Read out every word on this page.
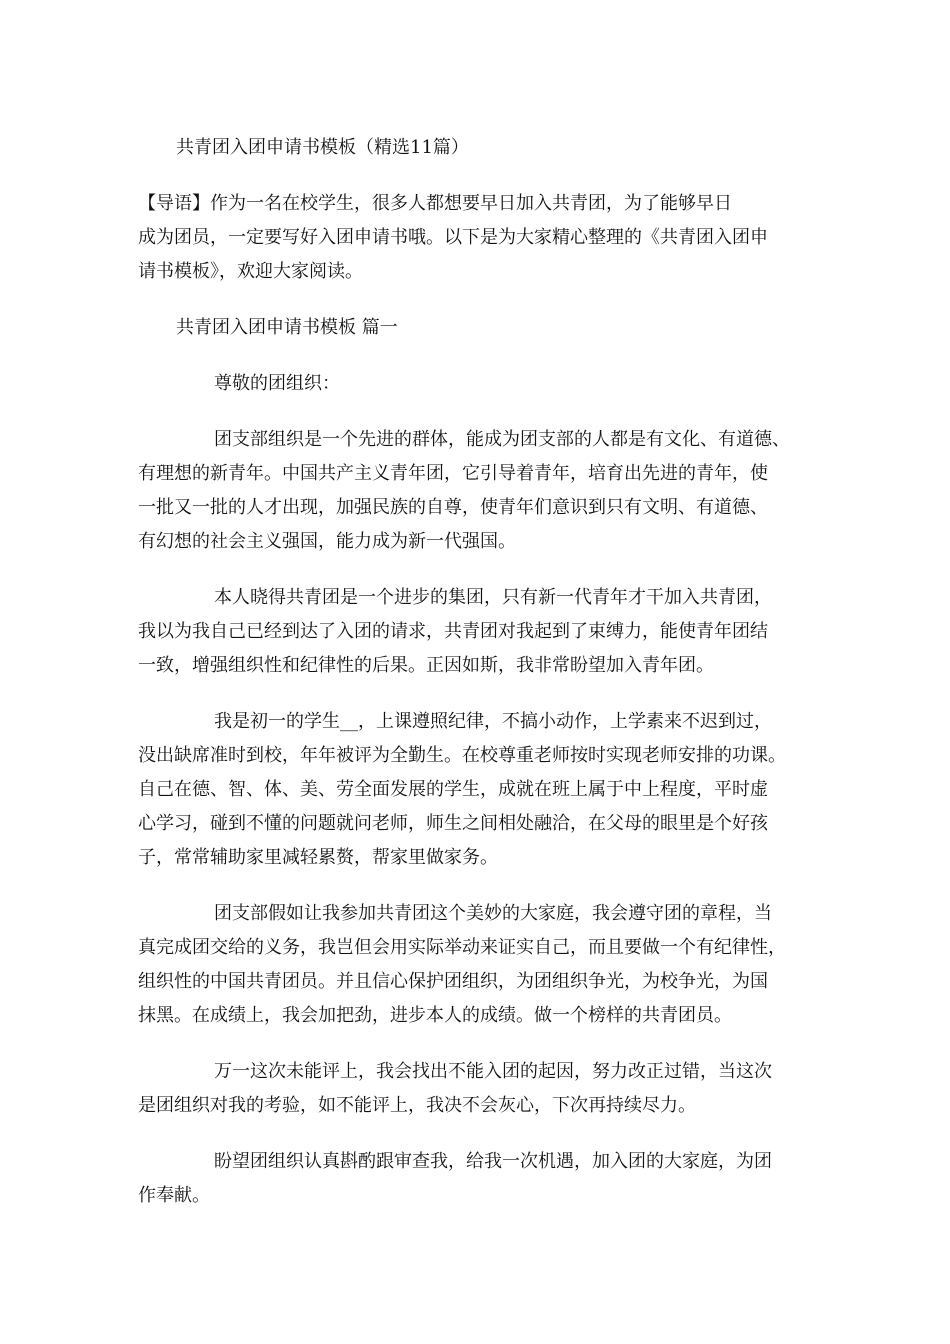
共青团入团申请书模板（精选11篇）
【导语】作为一名在校学生，很多人都想要早日加入共青团，为了能够早日
成为团员，一定要写好入团申请书哦。以下是为大家精心整理的《共青团入团申
请书模板》，欢迎大家阅读。
共青团入团申请书模板 篇一
尊敬的团组织：
团支部组织是一个先进的群体，能成为团支部的人都是有文化、有道德、
有理想的新青年。中国共产主义青年团，它引导着青年，培育出先进的青年，使
一批又一批的人才出现，加强民族的自尊，使青年们意识到只有文明、有道德、
有幻想的社会主义强国，能力成为新一代强国。
本人晓得共青团是一个进步的集团，只有新一代青年才干加入共青团，
我以为我自己已经到达了入团的请求，共青团对我起到了束缚力，能使青年团结
一致，增强组织性和纪律性的后果。正因如斯，我非常盼望加入青年团。
我是初一的学生__，上课遵照纪律，不搞小动作，上学素来不迟到过，
没出缺席准时到校，年年被评为全勤生。在校尊重老师按时实现老师安排的功课。
自己在德、智、体、美、劳全面发展的学生，成就在班上属于中上程度，平时虚
心学习，碰到不懂的问题就问老师，师生之间相处融洽，在父母的眼里是个好孩
子，常常辅助家里减轻累赘，帮家里做家务。
团支部假如让我参加共青团这个美妙的大家庭，我会遵守团的章程，当
真完成团交给的义务，我岂但会用实际举动来证实自己，而且要做一个有纪律性，
组织性的中国共青团员。并且信心保护团组织，为团组织争光，为校争光，为国
抹黑。在成绩上，我会加把劲，进步本人的成绩。做一个榜样的共青团员。
万一这次未能评上，我会找出不能入团的起因，努力改正过错，当这次
是团组织对我的考验，如不能评上，我决不会灰心，下次再持续尽力。
盼望团组织认真斟酌跟审查我，给我一次机遇，加入团的大家庭，为团
作奉献。
